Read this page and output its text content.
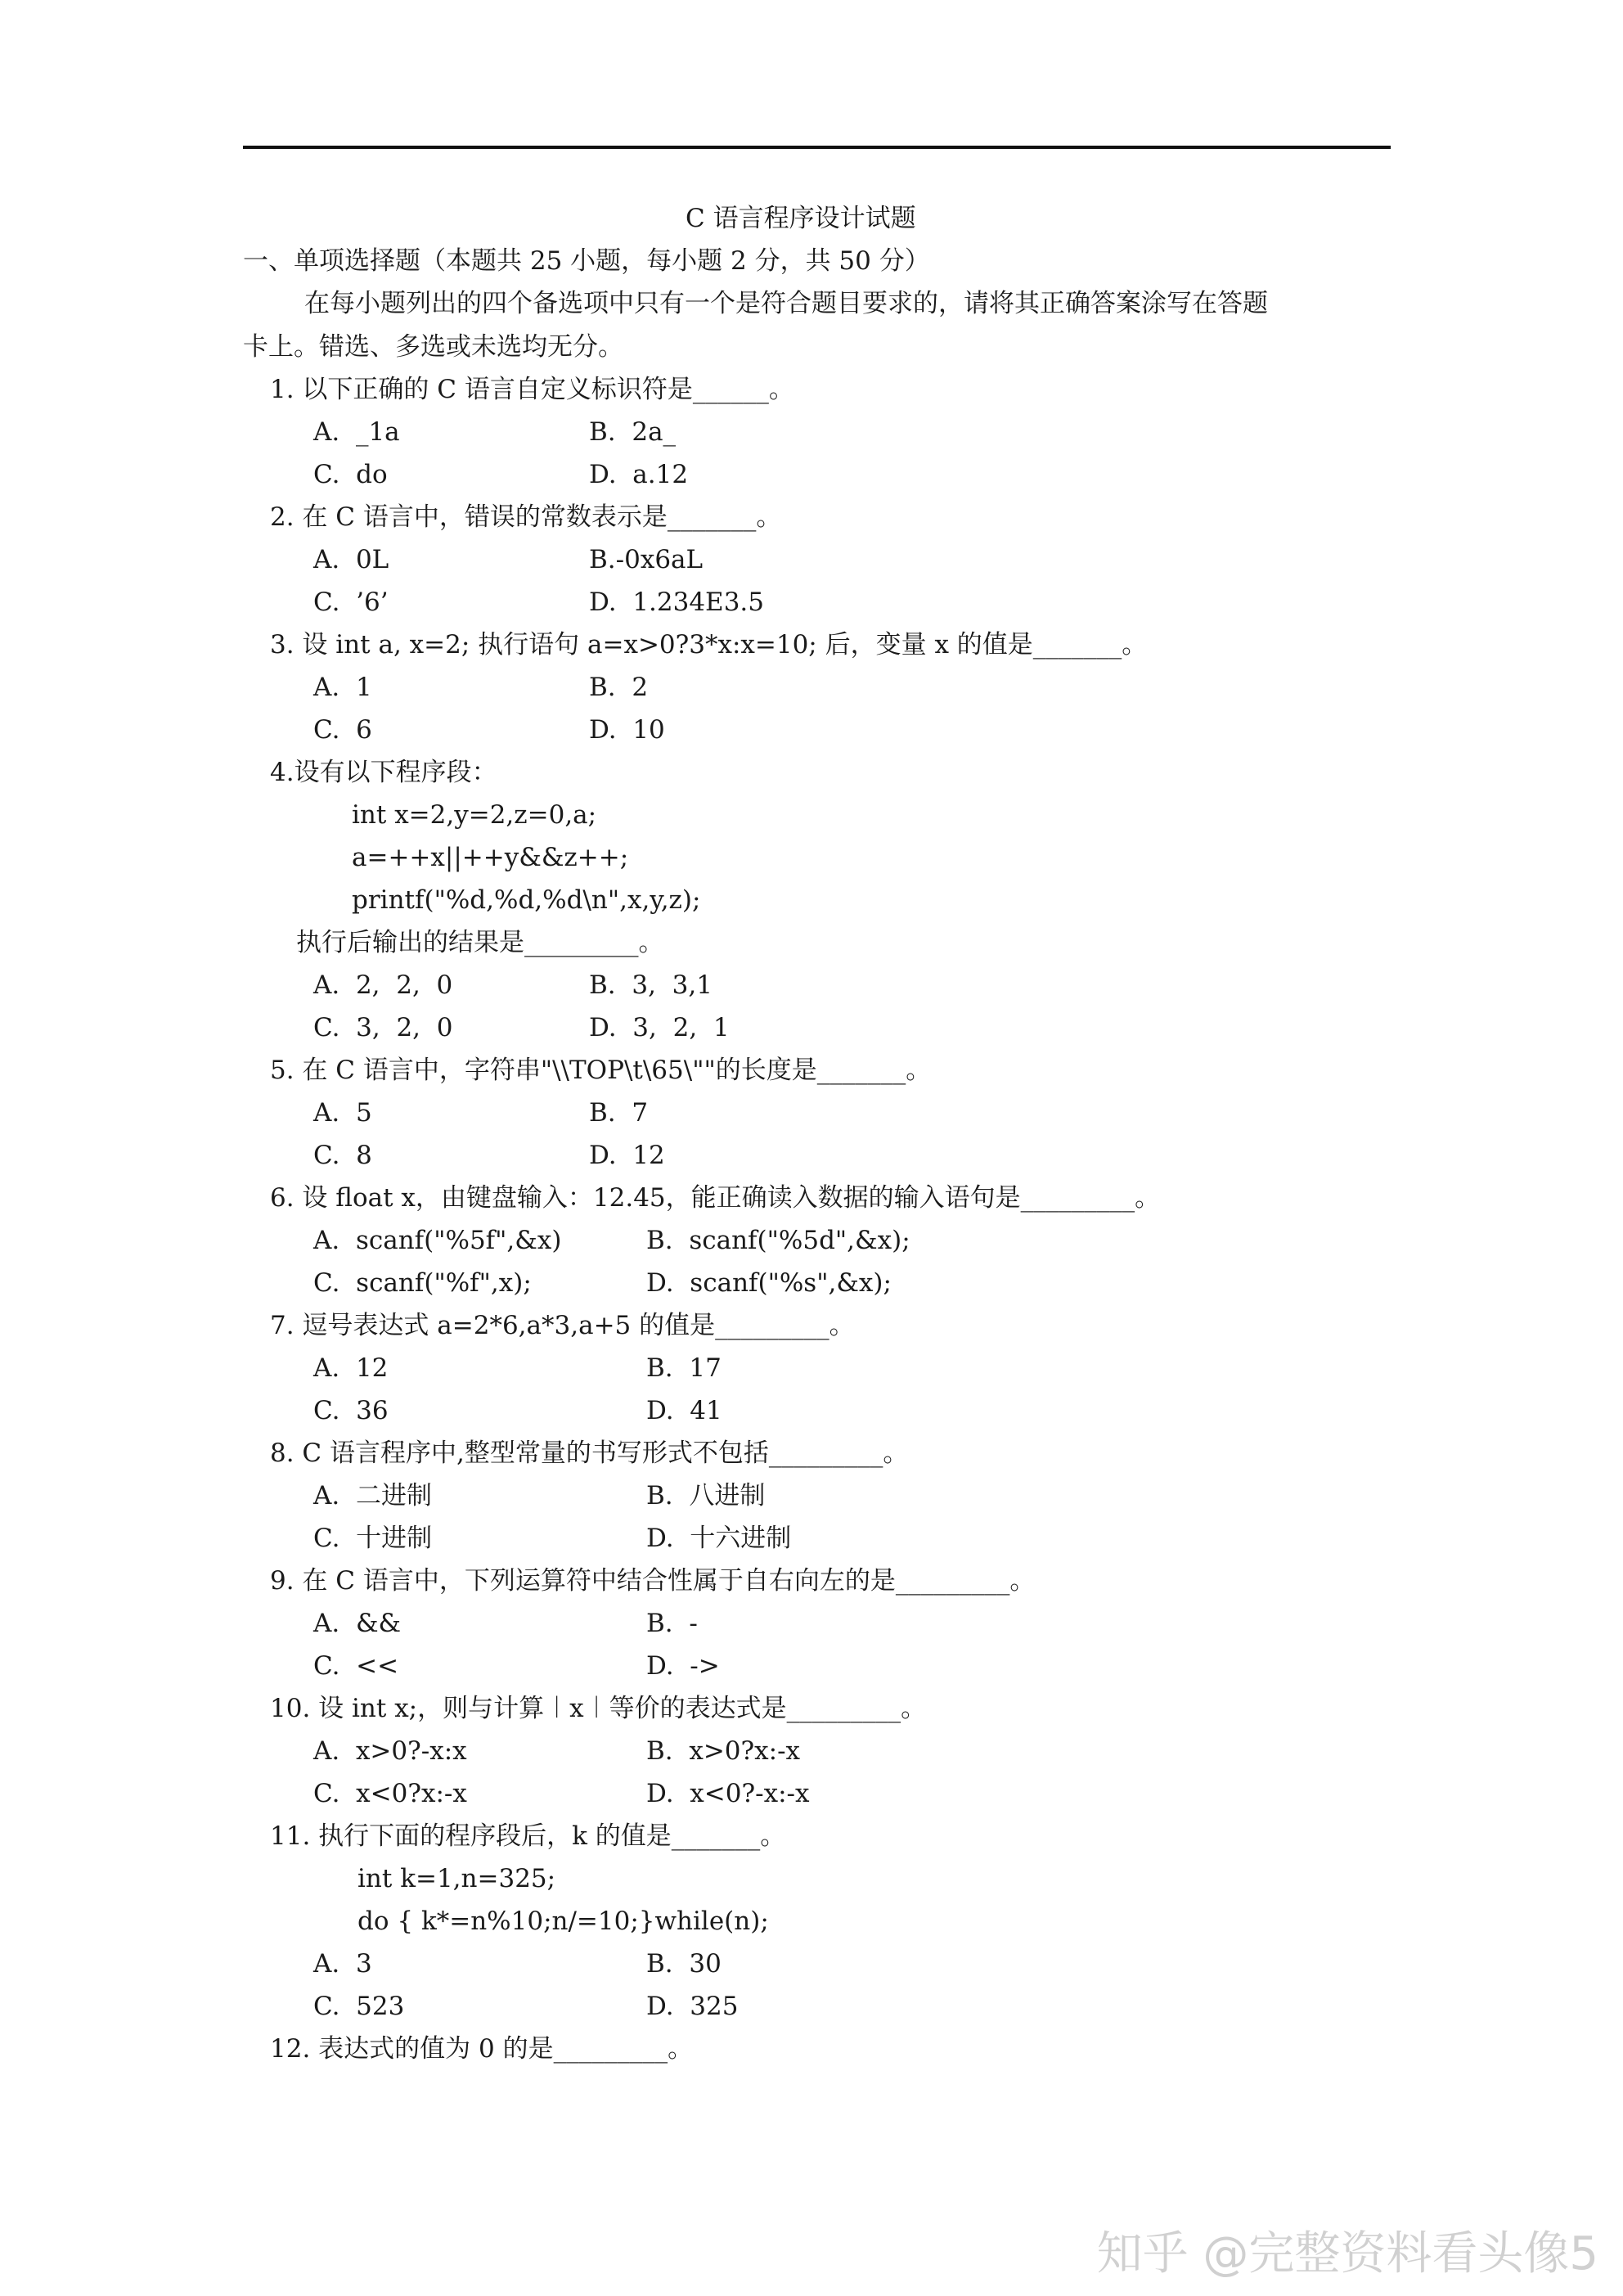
C 语言程序设计试题
一、单项选择题（本题共 25 小题，每小题 2 分，共 50 分）
在每小题列出的四个备选项中只有一个是符合题目要求的，请将其正确答案涂写在答题
卡上。错选、多选或未选均无分。
1. 以下正确的 C 语言自定义标识符是______。
A.  _1a	B.  2a_
C.  do	D.  a.12
2. 在 C 语言中，错误的常数表示是_______。
A.  0L	B.-0x6aL
C.  ’6’	D.  1.234E3.5
3. 设 int a, x=2; 执行语句 a=x>0?3*x:x=10; 后，变量 x 的值是_______。
A.  1	B.  2
C.  6	D.  10
4.设有以下程序段：
int x=2,y=2,z=0,a;
a=++x||++y&&z++;
printf("%d,%d,%d\n",x,y,z);
执行后输出的结果是_________。
A.  2,  2,  0	B.  3,  3,1
C.  3,  2,  0	D.  3,  2,  1
5. 在 C 语言中，字符串"\\TOP\t\65\""的长度是_______。
A.  5	B.  7
C.  8	D.  12
6. 设 float x，由键盘输入：12.45，能正确读入数据的输入语句是_________。
A.  scanf("%5f",&x)	B.  scanf("%5d",&x);
C.  scanf("%f",x);	D.  scanf("%s",&x);
7. 逗号表达式 a=2*6,a*3,a+5 的值是_________。
A.  12	B.  17
C.  36	D.  41
8. C 语言程序中,整型常量的书写形式不包括_________。
A.  二进制	B.  八进制
C.  十进制	D.  十六进制
9. 在 C 语言中，下列运算符中结合性属于自右向左的是_________。
A.  &&	B.  -
C.  <<	D.  ->
10. 设 int x;，则与计算︱x︱等价的表达式是_________。
A.  x>0?-x:x	B.  x>0?x:-x
C.  x<0?x:-x	D.  x<0?-x:-x
11. 执行下面的程序段后，k 的值是_______。
int k=1,n=325;
do { k*=n%10;n/=10;}while(n);
A.  3	B.  30
C.  523	D.  325
12. 表达式的值为 0 的是_________。
知乎 @完整资料看头像5
